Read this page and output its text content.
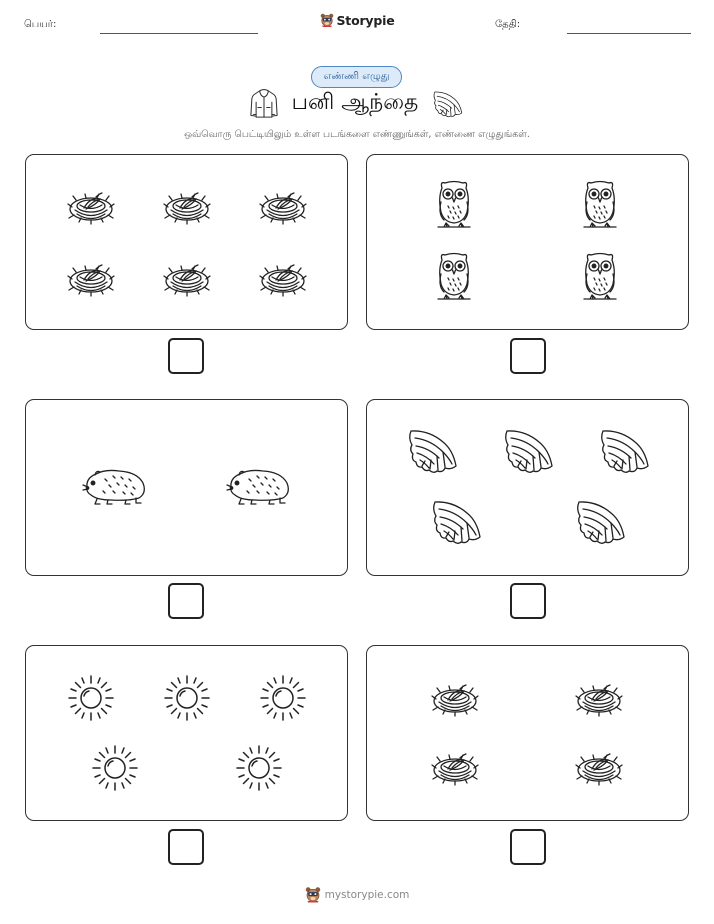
பெயர்:	Storypie	தேதி:
எண்ணி எழுது
பனி ஆந்தை
ஒவ்வொரு பெட்டியிலும் உள்ள படங்களை எண்ணுங்கள், எண்ணை எழுதுங்கள்.
mystorypie.com
